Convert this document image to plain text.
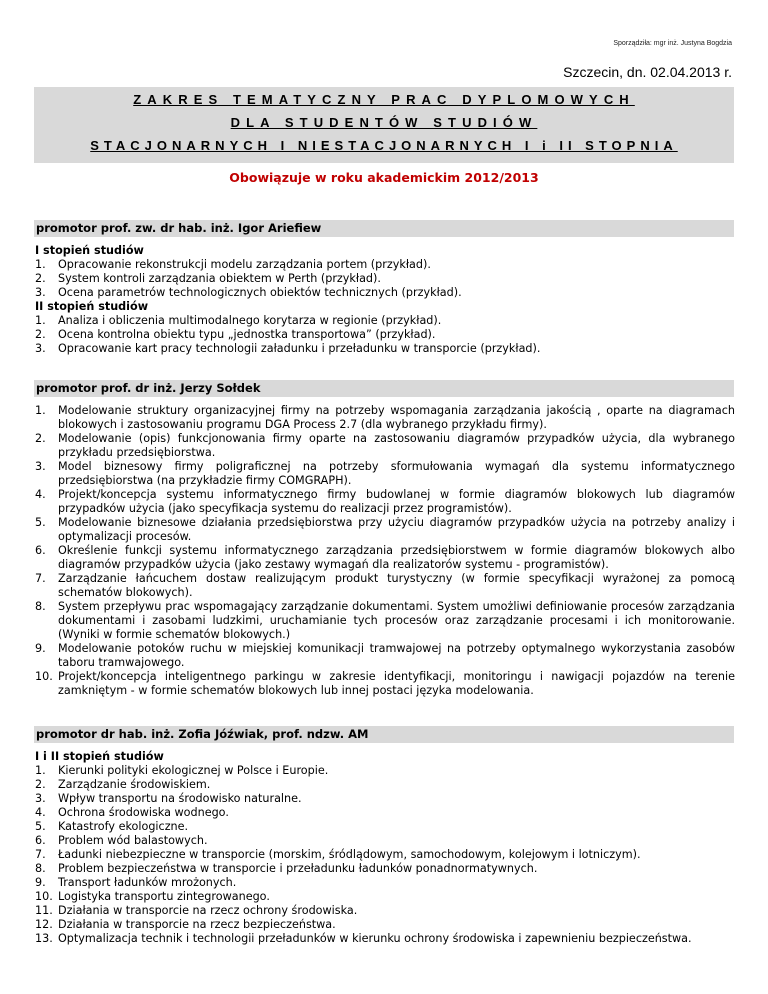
Sporządziła: mgr inż. Justyna Bogdzia
Szczecin, dn. 02.04.2013 r.
ZAKRES TEMATYCZNY PRAC DYPLOMOWYCH
DLA STUDENTÓW STUDIÓW
STACJONARNYCH I NIESTACJONARNYCH I i II STOPNIA
Obowiązuje w roku akademickim 2012/2013
promotor prof. zw. dr hab. inż. Igor Ariefiew
I stopień studiów
1.	Opracowanie rekonstrukcji modelu zarządzania portem (przykład).
2.	System kontroli zarządzania obiektem w Perth (przykład).
3.	Ocena parametrów technologicznych obiektów technicznych (przykład).
II stopień studiów
1.	Analiza i obliczenia multimodalnego korytarza w regionie (przykład).
2.	Ocena kontrolna obiektu typu „jednostka transportowa” (przykład).
3.	Opracowanie kart pracy technologii załadunku i przeładunku w transporcie (przykład).
promotor prof. dr inż. Jerzy Sołdek
1.	Modelowanie struktury organizacyjnej firmy na potrzeby wspomagania zarządzania jakością , oparte na diagramach blokowych i zastosowaniu programu DGA Process 2.7 (dla wybranego przykładu firmy).
2.	Modelowanie (opis) funkcjonowania firmy oparte na zastosowaniu diagramów przypadków użycia, dla wybranego przykładu przedsiębiorstwa.
3.	Model biznesowy firmy poligraficznej na potrzeby sformułowania wymagań dla systemu informatycznego przedsiębiorstwa (na przykładzie firmy COMGRAPH).
4.	Projekt/koncepcja systemu informatycznego firmy budowlanej w formie diagramów blokowych lub diagramów przypadków użycia (jako specyfikacja systemu do realizacji przez programistów).
5.	Modelowanie biznesowe działania przedsiębiorstwa przy użyciu diagramów przypadków użycia na potrzeby analizy i optymalizacji procesów.
6.	Określenie funkcji systemu informatycznego zarządzania przedsiębiorstwem w formie diagramów blokowych albo diagramów przypadków użycia (jako zestawy wymagań dla realizatorów systemu - programistów).
7.	Zarządzanie łańcuchem dostaw realizującym produkt turystyczny (w formie specyfikacji wyrażonej za pomocą schematów blokowych).
8.	System przepływu prac wspomagający zarządzanie dokumentami. System umożliwi definiowanie procesów zarządzania dokumentami i zasobami ludzkimi, uruchamianie tych procesów oraz zarządzanie procesami i ich monitorowanie. (Wyniki w formie schematów blokowych.)
9.	Modelowanie potoków ruchu w miejskiej komunikacji tramwajowej na potrzeby optymalnego wykorzystania zasobów taboru tramwajowego.
10. Projekt/koncepcja inteligentnego parkingu w zakresie identyfikacji, monitoringu i nawigacji pojazdów na terenie zamkniętym - w formie schematów blokowych lub innej postaci języka modelowania.
promotor dr hab. inż. Zofia Jóźwiak, prof. ndzw. AM
I i II stopień studiów
1.	Kierunki polityki ekologicznej w Polsce i Europie.
2.	Zarządzanie środowiskiem.
3.	Wpływ transportu na środowisko naturalne.
4.	Ochrona środowiska wodnego.
5.	Katastrofy ekologiczne.
6.	Problem wód balastowych.
7.	Ładunki niebezpieczne w transporcie (morskim, śródlądowym, samochodowym, kolejowym i lotniczym).
8.	Problem bezpieczeństwa w transporcie i przeładunku ładunków ponadnormatywnych.
9.	Transport ładunków mrożonych.
10. Logistyka transportu zintegrowanego.
11. Działania w transporcie na rzecz ochrony środowiska.
12. Działania w transporcie na rzecz bezpieczeństwa.
13. Optymalizacja technik i technologii przeładunków w kierunku ochrony środowiska i zapewnieniu bezpieczeństwa.
